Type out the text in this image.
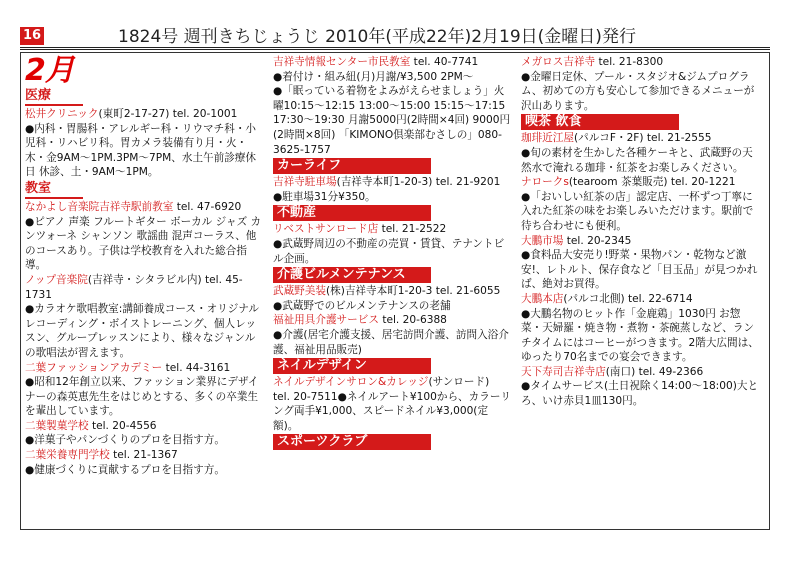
16	1824号 週刊きちじょうじ 2010年(平成22年)2月19日(金曜日)発行
2月
医療

松井クリニック(東町2-17-27) tel. 20-1001

●内科・胃腸科・アレルギー科・リウマチ科・小児科・リハビリ科。胃カメラ装備有り月・火・木・金9AM〜1PM.3PM〜7PM、水土午前診療休日 休診、土・9AM〜1PM。

教室

なかよし音楽院吉祥寺駅前教室 tel. 47-6920

●ピアノ 声楽 フルートギター ボーカル ジャズ カンツォーネ シャンソン 歌謡曲 混声コーラス、他のコースあり。子供は学校教育を入れた総合指導。

ノップ音楽院(吉祥寺・シタラビル内) tel. 45-1731

●カラオケ歌唱教室:講師養成コース・オリジナルレコーディング・ボイストレーニング、個人レッスン、グループレッスンにより、様々なジャンルの歌唱法が習えます。

二葉ファッションアカデミー tel. 44-3161

●昭和12年創立以来、ファッション業界にデザイナーの森英恵先生をはじめとする、多くの卒業生を輩出しています。

二葉製菓学校 tel. 20-4556

●洋菓子やパンづくりのプロを目指す方。

二葉栄養専門学校 tel. 21-1367

●健康づくりに貢献するプロを目指す方。

吉祥寺情報センター市民教室 tel. 40-7741

●着付け・組み紐(月)月謝/¥3,500 2PM〜

●「眠っている着物をよみがえらせましょう」火曜10:15〜12:15 13:00〜15:00 15:15〜17:15 17:30〜19:30 月謝5000円(2時間×4回) 9000円(2時間×8回) 「KIMONO倶楽部むさしの」080-3625-1757

カーライフ

吉祥寺駐車場(吉祥寺本町1-20-3) tel. 21-9201

●駐車場31分¥350。

不動産

リベストサンロード店 tel. 21-2522

●武蔵野周辺の不動産の売買・賃貸、テナントビル企画。

介護ビルメンテナンス

武蔵野美装(株)吉祥寺本町1-20-3 tel. 21-6055

●武蔵野でのビルメンテナンスの老舗

福祉用具介護サービス tel. 20-6388

●介護(居宅介護支援、居宅訪問介護、訪問入浴介護、福祉用品販売)

ネイルデザイン

ネイルデザインサロン&カレッジ(サンロード)

tel. 20-7511●ネイルアート¥100から、カラーリング両手¥1,000、スピードネイル¥3,000(定額)。

スポーツクラブ

メガロス吉祥寺 tel. 21-8300

●金曜日定休、プール・スタジオ&ジムプログラム、初めての方も安心して参加できるメニューが沢山あります。

喫茶 飲食

珈琲近江屋(パルコF・2F) tel. 21-2555

●旬の素材を生かした各種ケーキと、武蔵野の天然水で淹れる珈琲・紅茶をお楽しみください。

ナロークs(tearoom 茶葉販売) tel. 20-1221

●「おいしい紅茶の店」認定店、一杯ずつ丁寧に入れた紅茶の味をお楽しみいただけます。駅前で待ち合わせにも便利。

大鵬市場 tel. 20-2345

●食料品大安売り!野菜・果物パン・乾物など激安!、レトルト、保存食など「目玉品」が見つかれば、絶対お買得。

大鵬本店(パルコ北側) tel. 22-6714

●大鵬名物のヒット作「金鹿鶏」1030円 お惣菜・天婦羅・焼き物・煮物・茶碗蒸しなど、ランチタイムにはコーヒーがつきます。2階大広間は、ゆったり70名までの宴会できます。

天下寿司吉祥寺店(南口) tel. 49-2366

●タイムサービス(土日祝除く14:00〜18:00)大とろ、いけ赤貝1皿130円。
